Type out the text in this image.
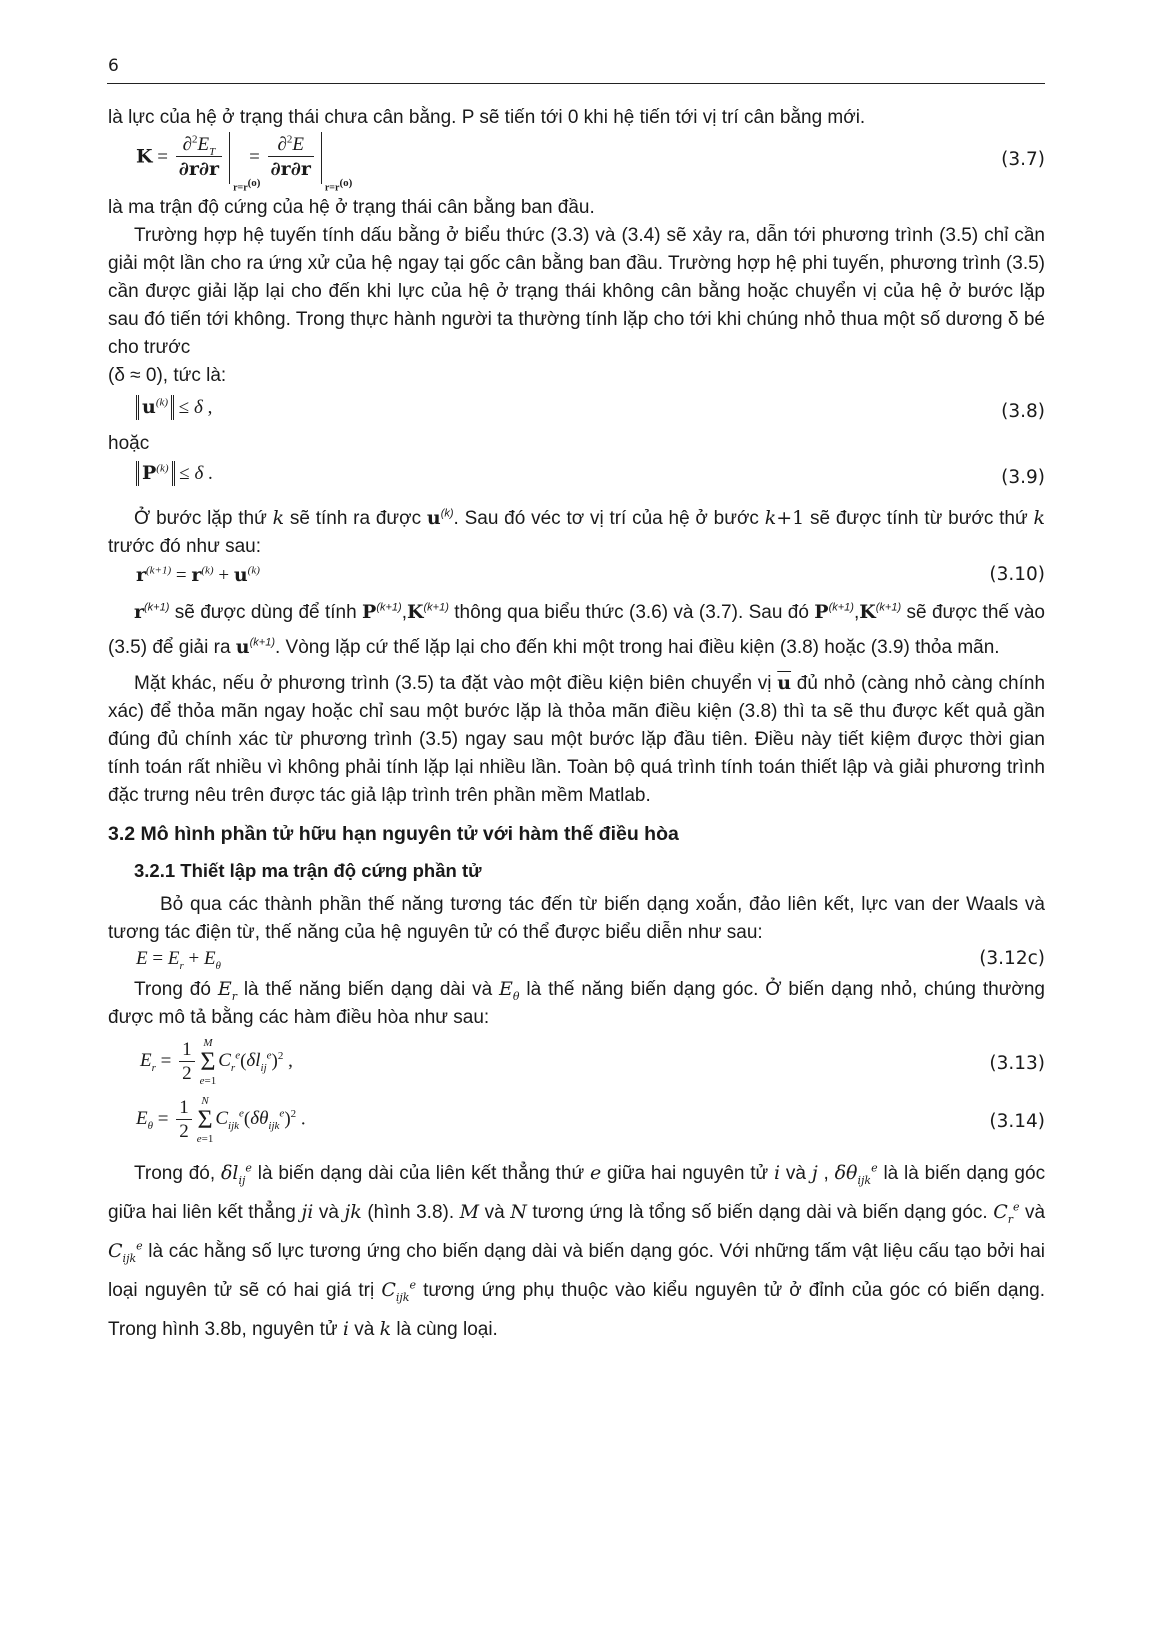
6

là lực của hệ ở trạng thái chưa cân bằng. P sẽ tiến tới 0 khi hệ tiến tới vị trí cân bằng mới.

$K = \frac{\partial^2E_T}{\partial r\partial r}$
$r=r^{(o)}$
= $\frac{\partial^2E}{\partial r\partial r}$
$r=r^{(o)}$
(3.7)

là ma trận độ cứng của hệ ở trạng thái cân bằng ban đầu.

Trường hợp hệ tuyến tính dấu bằng ở biểu thức (3.3) và (3.4) sẽ xảy ra, dẫn tới phương trình (3.5) chỉ cần giải một lần cho ra ứng xử của hệ ngay tại gốc cân bằng ban đầu. Trường hợp hệ phi tuyến, phương trình (3.5) cần được giải lặp lại cho đến khi lực của hệ ở trạng thái không cân bằng hoặc chuyển vị của hệ ở bước lặp sau đó tiến tới không. Trong thực hành người ta thường tính lặp cho tới khi chúng nhỏ thua một số dương δ bé cho trước

(δ ≈ 0), tức là:

$u^{(k)} \le \delta$ ,	(3.8)

hoặc

$P^{(k)} \le \delta$ .	(3.9)

Ở bước lặp thứ k sẽ tính ra được $u^{(k)}$. Sau đó véc tơ vị trí của hệ ở bước k+1 sẽ được tính từ bước thứ k trước đó như sau:

$r^{(k+1)} = r^{(k)} + u^{(k)}$	(3.10)

$r^{(k+1)}$ sẽ được dùng để tính $P^{(k+1)},K^{(k+1)}$ thông qua biểu thức (3.6) và (3.7). Sau đó $P^{(k+1)},K^{(k+1)}$ sẽ được thế vào (3.5) để giải ra $u^{(k+1)}$. Vòng lặp cứ thế lặp lại cho đến khi một trong hai điều kiện (3.8) hoặc (3.9) thỏa mãn.

Mặt khác, nếu ở phương trình (3.5) ta đặt vào một điều kiện biên chuyển vị $\overline{u}$ đủ nhỏ (càng nhỏ càng chính xác) để thỏa mãn ngay hoặc chỉ sau một bước lặp là thỏa mãn điều kiện (3.8) thì ta sẽ thu được kết quả gần đúng đủ chính xác từ phương trình (3.5) ngay sau một bước lặp đầu tiên. Điều này tiết kiệm được thời gian tính toán rất nhiều vì không phải tính lặp lại nhiều lần. Toàn bộ quá trình tính toán thiết lập và giải phương trình đặc trưng nêu trên được tác giả lập trình trên phần mềm Matlab.

3.2 Mô hình phần tử hữu hạn nguyên tử với hàm thế điều hòa
3.2.1 Thiết lập ma trận độ cứng phần tử

Bỏ qua các thành phần thế năng tương tác đến từ biến dạng xoắn, đảo liên kết, lực van der Waals và tương tác điện từ, thế năng của hệ nguyên tử có thể được biểu diễn như sau:

$E = E_r + E_\theta$	(3.12c)

Trong đó $E_r$ là thế năng biến dạng dài và $E_\theta$ là thế năng biến dạng góc. Ở biến dạng nhỏ, chúng thường được mô tả bằng các hàm điều hòa như sau:

$E_r = \frac{1}{2}$ M
Σ
$e=1C_r^e(\delta l_{ij}^e)^2$ ,	(3.13)
$E_\theta = \frac{1}{2}$ N
Σ
$e=1C_{ijk}^e(\delta\theta_{ijk}^e)^2$ .	(3.14)

Trong đó, $\delta l_{ij}^e$ là biến dạng dài của liên kết thẳng thứ e giữa hai nguyên tử i và j , $\delta\theta_{ijk}^e$ là là biến dạng góc giữa hai liên kết thẳng ji và jk (hình 3.8). M và N tương ứng là tổng số biến dạng dài và biến dạng góc. $C_r^e$ và $C_{ijk}^e$ là các hằng số lực tương ứng cho biến dạng dài và biến dạng góc. Với những tấm vật liệu cấu tạo bởi hai loại nguyên tử sẽ có hai giá trị $C_{ijk}^e$ tương ứng phụ thuộc vào kiểu nguyên tử ở đỉnh của góc có biến dạng. Trong hình 3.8b, nguyên tử i và k là cùng loại.
